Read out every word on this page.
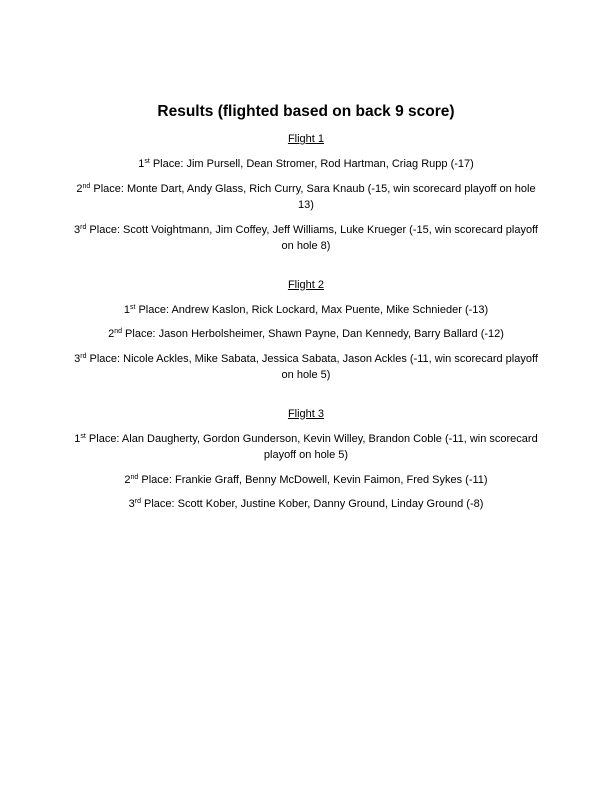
Results (flighted based on back 9 score)

Flight 1

1st Place: Jim Pursell, Dean Stromer, Rod Hartman, Criag Rupp (-17)

2nd Place: Monte Dart, Andy Glass, Rich Curry, Sara Knaub (-15, win scorecard playoff on hole 13)

3rd Place: Scott Voightmann, Jim Coffey, Jeff Williams, Luke Krueger (-15, win scorecard playoff on hole 8)

Flight 2

1st Place: Andrew Kaslon, Rick Lockard, Max Puente, Mike Schnieder (-13)

2nd Place: Jason Herbolsheimer, Shawn Payne, Dan Kennedy, Barry Ballard (-12)

3rd Place: Nicole Ackles, Mike Sabata, Jessica Sabata, Jason Ackles (-11, win scorecard playoff on hole 5)

Flight 3

1st Place: Alan Daugherty, Gordon Gunderson, Kevin Willey, Brandon Coble (-11, win scorecard playoff on hole 5)

2nd Place: Frankie Graff, Benny McDowell, Kevin Faimon, Fred Sykes (-11)

3rd Place: Scott Kober, Justine Kober, Danny Ground, Linday Ground (-8)
